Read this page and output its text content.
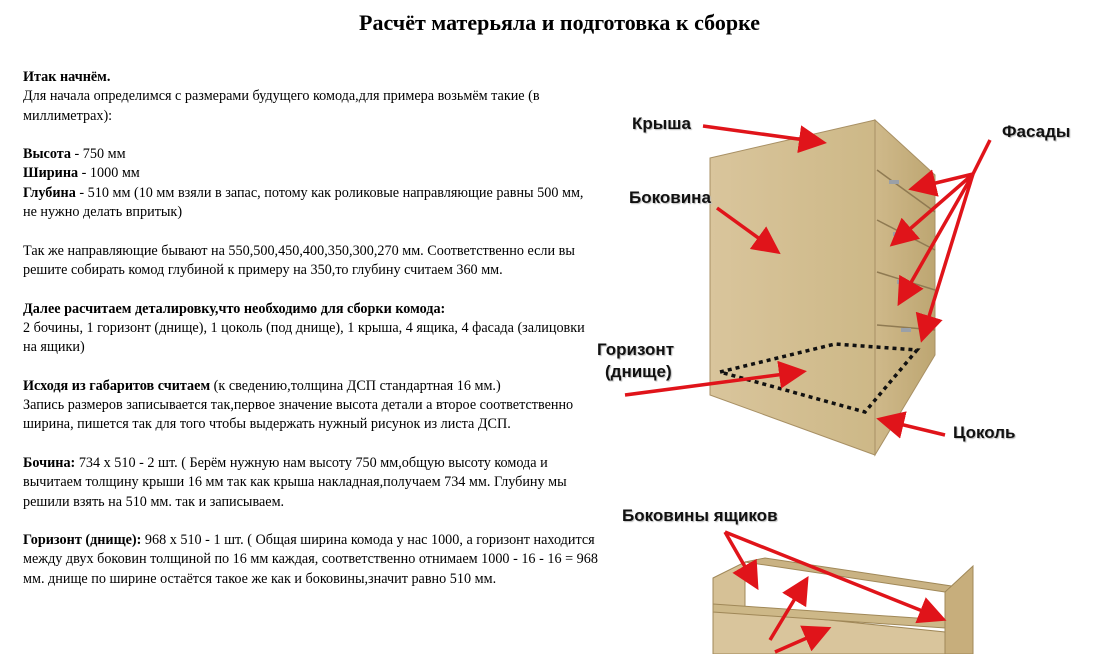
Расчёт матерьяла и подготовка к сборке

Итак начнём.
Для начала определимся с размерами будущего комода,для примера возьмём такие (в миллиметрах):

Высота - 750 мм
Ширина - 1000 мм
Глубина - 510 мм (10 мм взяли в запас, потому как роликовые направляющие равны 500 мм, не нужно делать впритык)

Так же направляющие бывают на 550,500,450,400,350,300,270 мм. Соответственно если вы решите собирать комод глубиной к примеру на 350,то глубину считаем 360 мм.

Далее расчитаем деталировку,что необходимо для сборки комода:
2 бочины, 1 горизонт (днище), 1 цоколь (под днище), 1 крыша, 4 ящика, 4 фасада (залицовки на ящики)

Исходя из габаритов считаем (к сведению,толщина ДСП стандартная 16 мм.)
Запись размеров записывается так,первое значение высота детали а второе соответственно ширина, пишется так для того чтобы выдержать нужный рисунок из листа ДСП.

Бочина: 734 x 510 - 2 шт. ( Берём нужную нам высоту 750 мм,общую высоту комода и вычитаем толщину крыши 16 мм так как крыша накладная,получаем 734 мм. Глубину мы решили взять на 510 мм. так и записываем.

Горизонт (днище): 968 x 510 - 1 шт. ( Общая ширина комода у нас 1000, а горизонт находится между двух боковин толщиной по 16 мм каждая, соответственно отнимаем 1000 - 16 - 16 = 968 мм. днище по ширине остаётся такое же как и боковины,значит равно 510 мм.

Крыша	Фасады
Боковина
Горизонт
(днище)
Цоколь
Боковины ящиков
